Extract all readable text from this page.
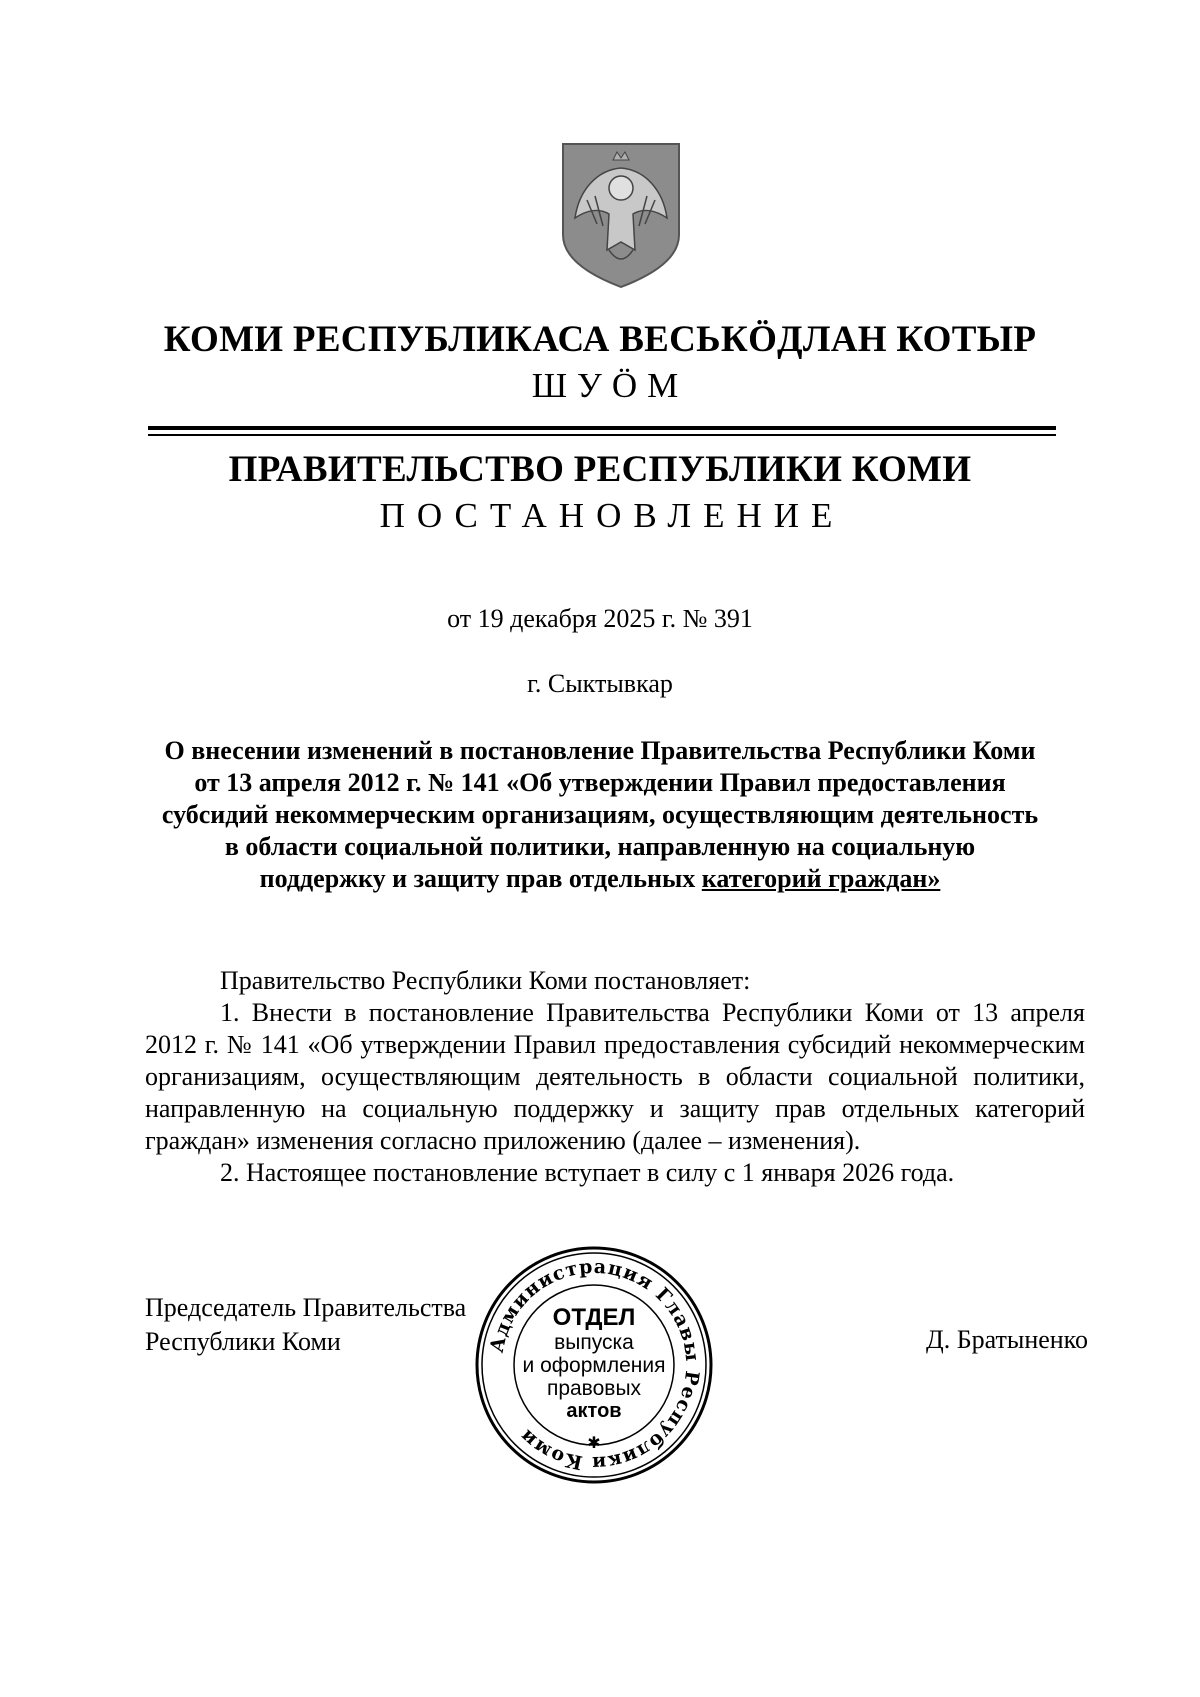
КОМИ РЕСПУБЛИКАСА ВЕСЬКӦДЛАН КОТЫР
ШУӦМ
ПРАВИТЕЛЬСТВО РЕСПУБЛИКИ КОМИ
ПОСТАНОВЛЕНИЕ
от 19 декабря 2025 г. № 391
г. Сыктывкар
О внесении изменений в постановление Правительства Республики Коми от 13 апреля 2012 г. № 141 «Об утверждении Правил предоставления субсидий некоммерческим организациям, осуществляющим деятельность в области социальной политики, направленную на социальную поддержку и защиту прав отдельных категорий граждан»

Правительство Республики Коми постановляет:

1. Внести в постановление Правительства Республики Коми от 13 апреля 2012 г. № 141 «Об утверждении Правил предоставления субсидий некоммерческим организациям, осуществляющим деятельность в области социальной политики, направленную на социальную поддержку и защиту прав отдельных категорий граждан» изменения согласно приложению (далее – изменения).

2. Настоящее постановление вступает в силу с 1 января 2026 года.

Председатель Правительства
Республики Коми	Д. Братыненко
Администрация Главы Республики Коми	✱
ОТДЕЛ
выпуска
и оформления
правовых
актов
